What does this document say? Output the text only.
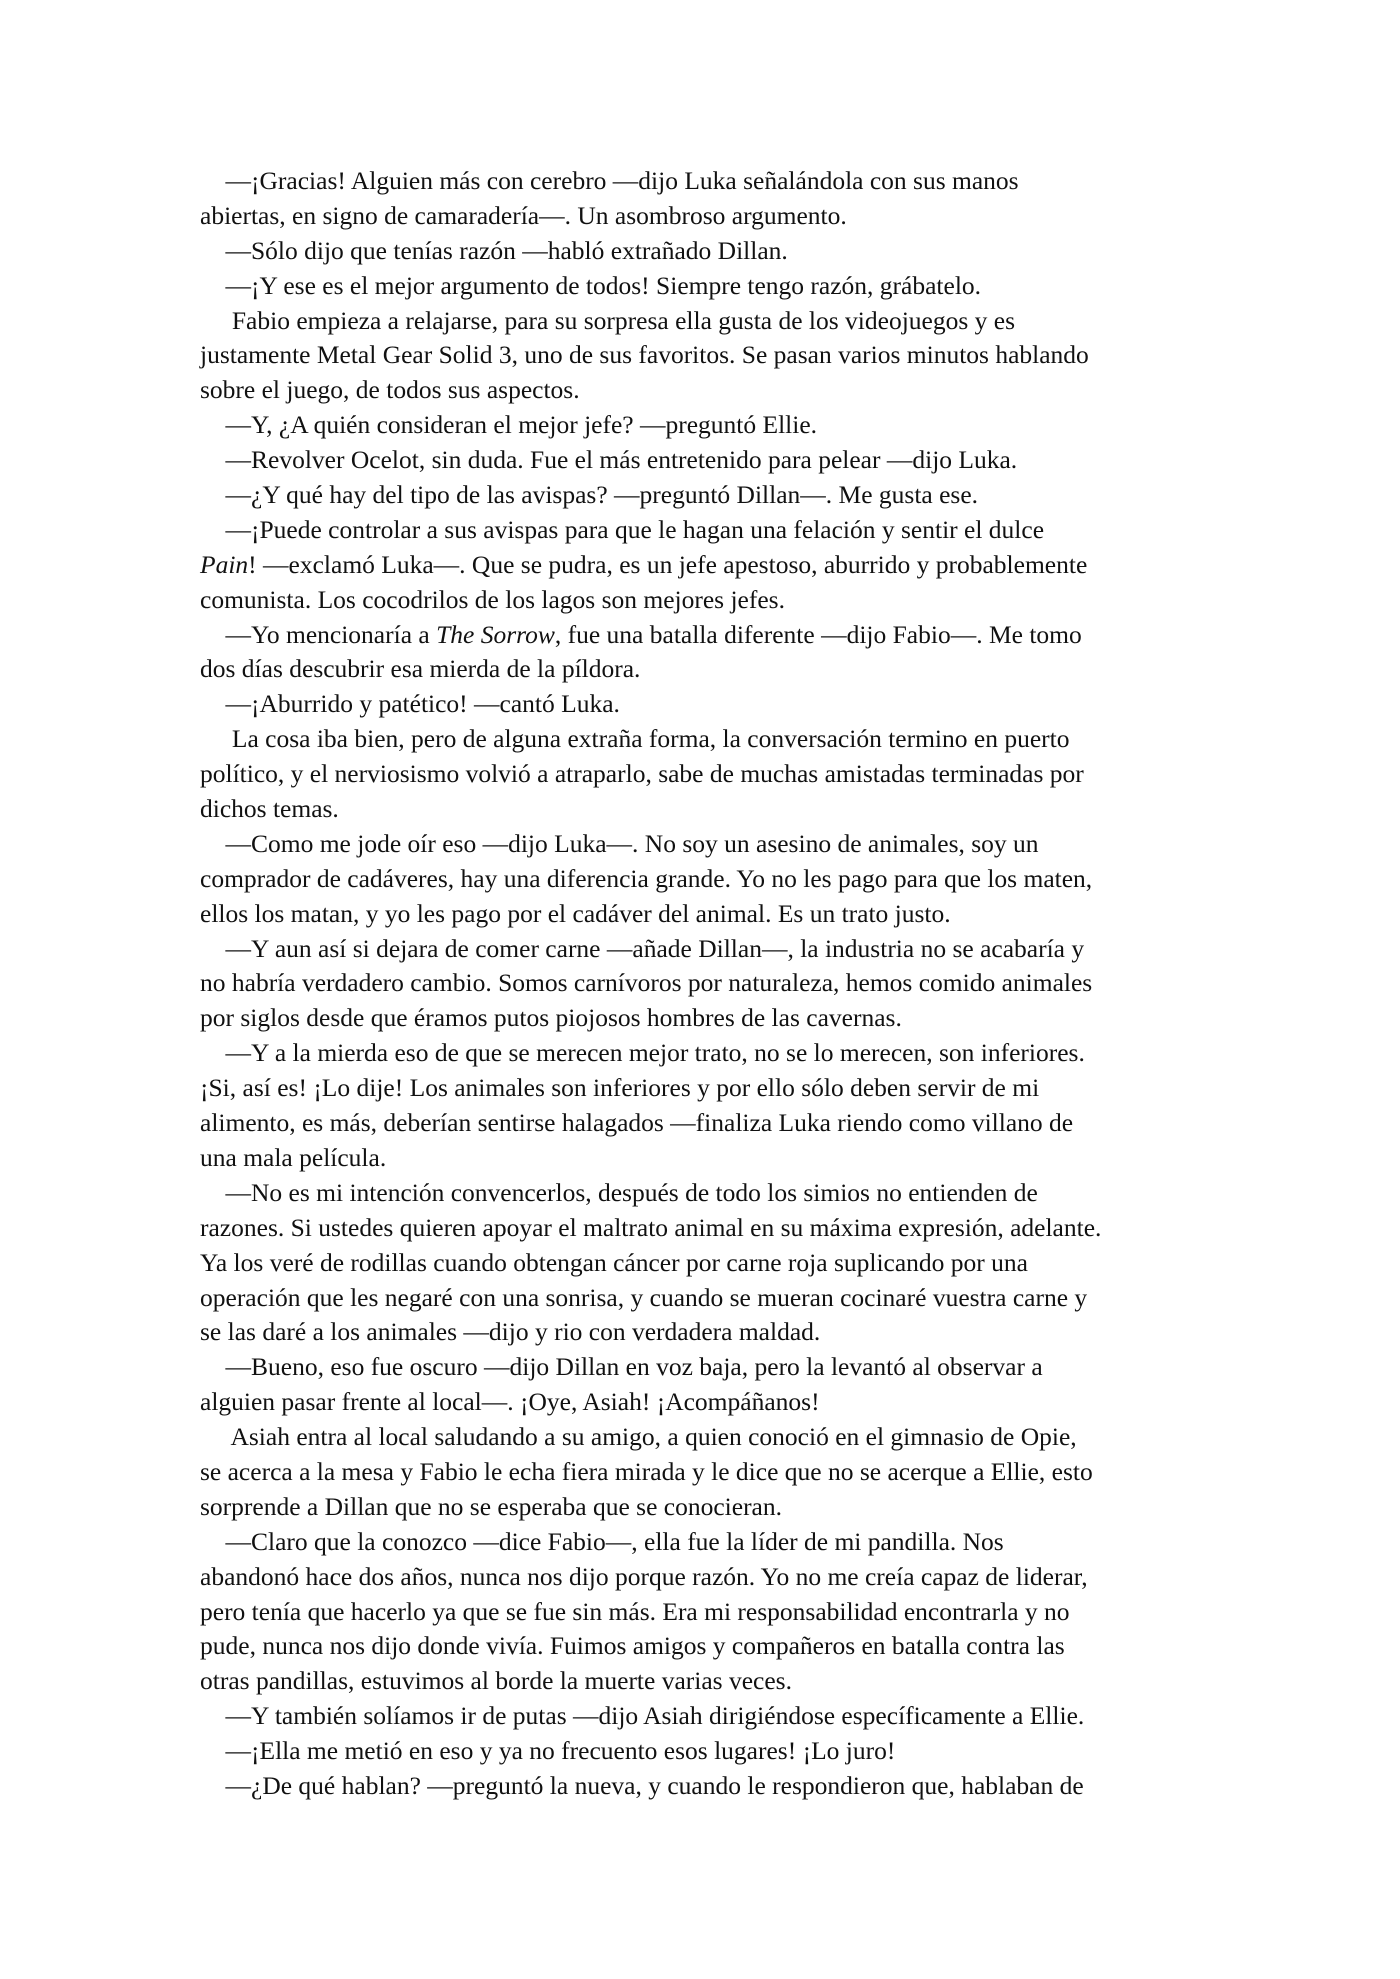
—¡Gracias! Alguien más con cerebro —dijo Luka señalándola con sus manos
abiertas, en signo de camaradería—. Un asombroso argumento.
—Sólo dijo que tenías razón —habló extrañado Dillan.
—¡Y ese es el mejor argumento de todos! Siempre tengo razón, grábatelo.
Fabio empieza a relajarse, para su sorpresa ella gusta de los videojuegos y es
justamente Metal Gear Solid 3, uno de sus favoritos. Se pasan varios minutos hablando
sobre el juego, de todos sus aspectos.
—Y, ¿A quién consideran el mejor jefe? —preguntó Ellie.
—Revolver Ocelot, sin duda. Fue el más entretenido para pelear —dijo Luka.
—¿Y qué hay del tipo de las avispas? —preguntó Dillan—. Me gusta ese.
—¡Puede controlar a sus avispas para que le hagan una felación y sentir el dulce
Pain! —exclamó Luka—. Que se pudra, es un jefe apestoso, aburrido y probablemente
comunista. Los cocodrilos de los lagos son mejores jefes.
—Yo mencionaría a The Sorrow, fue una batalla diferente —dijo Fabio—. Me tomo
dos días descubrir esa mierda de la píldora.
—¡Aburrido y patético! —cantó Luka.
La cosa iba bien, pero de alguna extraña forma, la conversación termino en puerto
político, y el nerviosismo volvió a atraparlo, sabe de muchas amistadas terminadas por
dichos temas.
—Como me jode oír eso —dijo Luka—. No soy un asesino de animales, soy un
comprador de cadáveres, hay una diferencia grande. Yo no les pago para que los maten,
ellos los matan, y yo les pago por el cadáver del animal. Es un trato justo.
—Y aun así si dejara de comer carne —añade Dillan—, la industria no se acabaría y
no habría verdadero cambio. Somos carnívoros por naturaleza, hemos comido animales
por siglos desde que éramos putos piojosos hombres de las cavernas.
—Y a la mierda eso de que se merecen mejor trato, no se lo merecen, son inferiores.
¡Si, así es! ¡Lo dije! Los animales son inferiores y por ello sólo deben servir de mi
alimento, es más, deberían sentirse halagados —finaliza Luka riendo como villano de
una mala película.
—No es mi intención convencerlos, después de todo los simios no entienden de
razones. Si ustedes quieren apoyar el maltrato animal en su máxima expresión, adelante.
Ya los veré de rodillas cuando obtengan cáncer por carne roja suplicando por una
operación que les negaré con una sonrisa, y cuando se mueran cocinaré vuestra carne y
se las daré a los animales —dijo y rio con verdadera maldad.
—Bueno, eso fue oscuro —dijo Dillan en voz baja, pero la levantó al observar a
alguien pasar frente al local—. ¡Oye, Asiah! ¡Acompáñanos!
Asiah entra al local saludando a su amigo, a quien conoció en el gimnasio de Opie,
se acerca a la mesa y Fabio le echa fiera mirada y le dice que no se acerque a Ellie, esto
sorprende a Dillan que no se esperaba que se conocieran.
—Claro que la conozco —dice Fabio—, ella fue la líder de mi pandilla. Nos
abandonó hace dos años, nunca nos dijo porque razón. Yo no me creía capaz de liderar,
pero tenía que hacerlo ya que se fue sin más. Era mi responsabilidad encontrarla y no
pude, nunca nos dijo donde vivía. Fuimos amigos y compañeros en batalla contra las
otras pandillas, estuvimos al borde la muerte varias veces.
—Y también solíamos ir de putas —dijo Asiah dirigiéndose específicamente a Ellie.
—¡Ella me metió en eso y ya no frecuento esos lugares! ¡Lo juro!
—¿De qué hablan? —preguntó la nueva, y cuando le respondieron que, hablaban de
